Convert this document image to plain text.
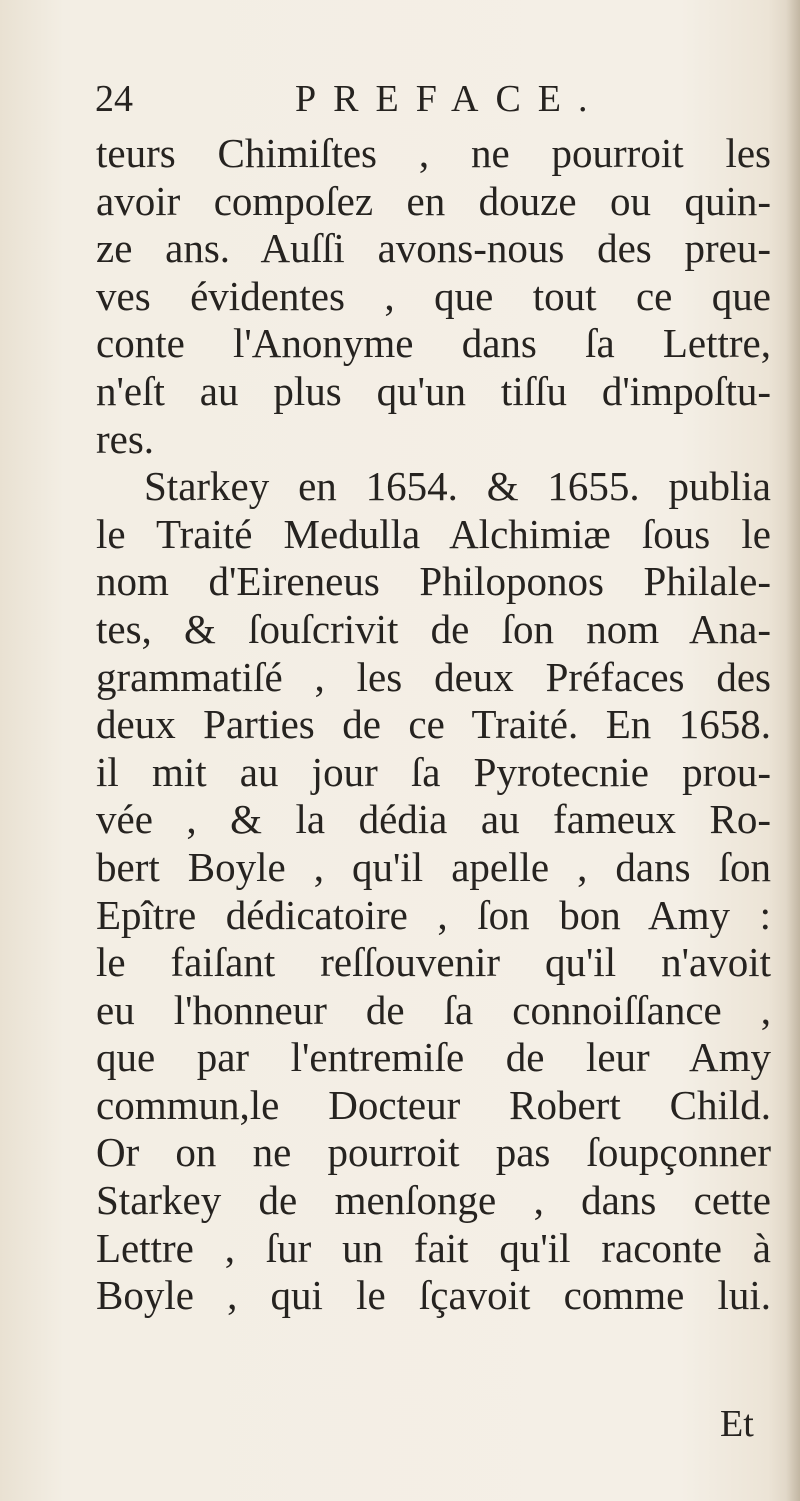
24	PREFACE.
teurs Chimiſtes , ne pourroit les
avoir compoſez en douze ou quin-
ze ans. Auſſi avons-nous des preu-
ves évidentes , que tout ce que
conte l'Anonyme dans ſa Lettre,
n'eſt au plus qu'un tiſſu d'impoſtu-
res.
Starkey en 1654. & 1655. publia
le Traité Medulla Alchimiæ ſous le
nom d'Eireneus Philoponos Philale-
tes, & ſouſcrivit de ſon nom Ana-
grammatiſé , les deux Préfaces des
deux Parties de ce Traité. En 1658.
il mit au jour ſa Pyrotecnie prou-
vée , & la dédia au fameux Ro-
bert Boyle , qu'il apelle , dans ſon
Epître dédicatoire , ſon bon Amy :
le faiſant reſſouvenir qu'il n'avoit
eu l'honneur de ſa connoiſſance ,
que par l'entremiſe de leur Amy
commun,le Docteur Robert Child.
Or on ne pourroit pas ſoupçonner
Starkey de menſonge , dans cette
Lettre , ſur un fait qu'il raconte à
Boyle , qui le ſçavoit comme lui.
Et
